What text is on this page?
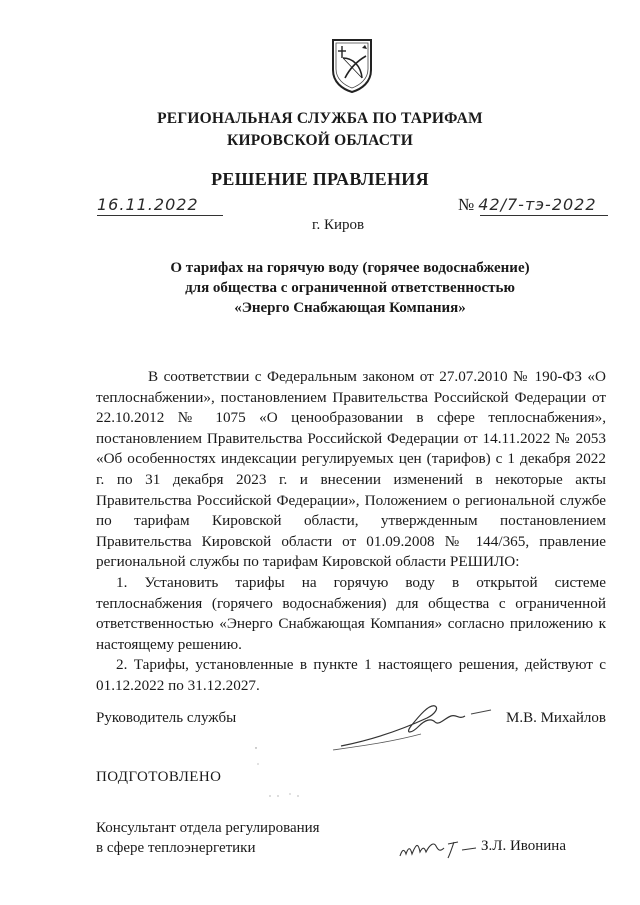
РЕГИОНАЛЬНАЯ СЛУЖБА ПО ТАРИФАМ
КИРОВСКОЙ ОБЛАСТИ
РЕШЕНИЕ ПРАВЛЕНИЯ
16.11.2022	№ 42/7-тэ-2022
г. Киров
О тарифах на горячую воду (горячее водоснабжение) для общества с ограниченной ответственностью «Энерго Снабжающая Компания»

В соответствии с Федеральным законом от 27.07.2010 № 190-ФЗ «О теплоснабжении», постановлением Правительства Российской Федерации от 22.10.2012 № 1075 «О ценообразовании в сфере теплоснабжения», постановлением Правительства Российской Федерации от 14.11.2022 № 2053 «Об особенностях индексации регулируемых цен (тарифов) с 1 декабря 2022 г. по 31 декабря 2023 г. и внесении изменений в некоторые акты Правительства Российской Федерации», Положением о региональной службе по тарифам Кировской области, утвержденным постановлением Правительства Кировской области от 01.09.2008 № 144/365, правление региональной службы по тарифам Кировской области РЕШИЛО:

1. Установить тарифы на горячую воду в открытой системе теплоснабжения (горячего водоснабжения) для общества с ограниченной ответственностью «Энерго Снабжающая Компания» согласно приложению к настоящему решению.

2. Тарифы, установленные в пункте 1 настоящего решения, действуют с 01.12.2022 по 31.12.2027.

Руководитель службы	М.В. Михайлов
ПОДГОТОВЛЕНО
Консультант отдела регулирования
в сфере теплоэнергетики	З.Л. Ивонина
